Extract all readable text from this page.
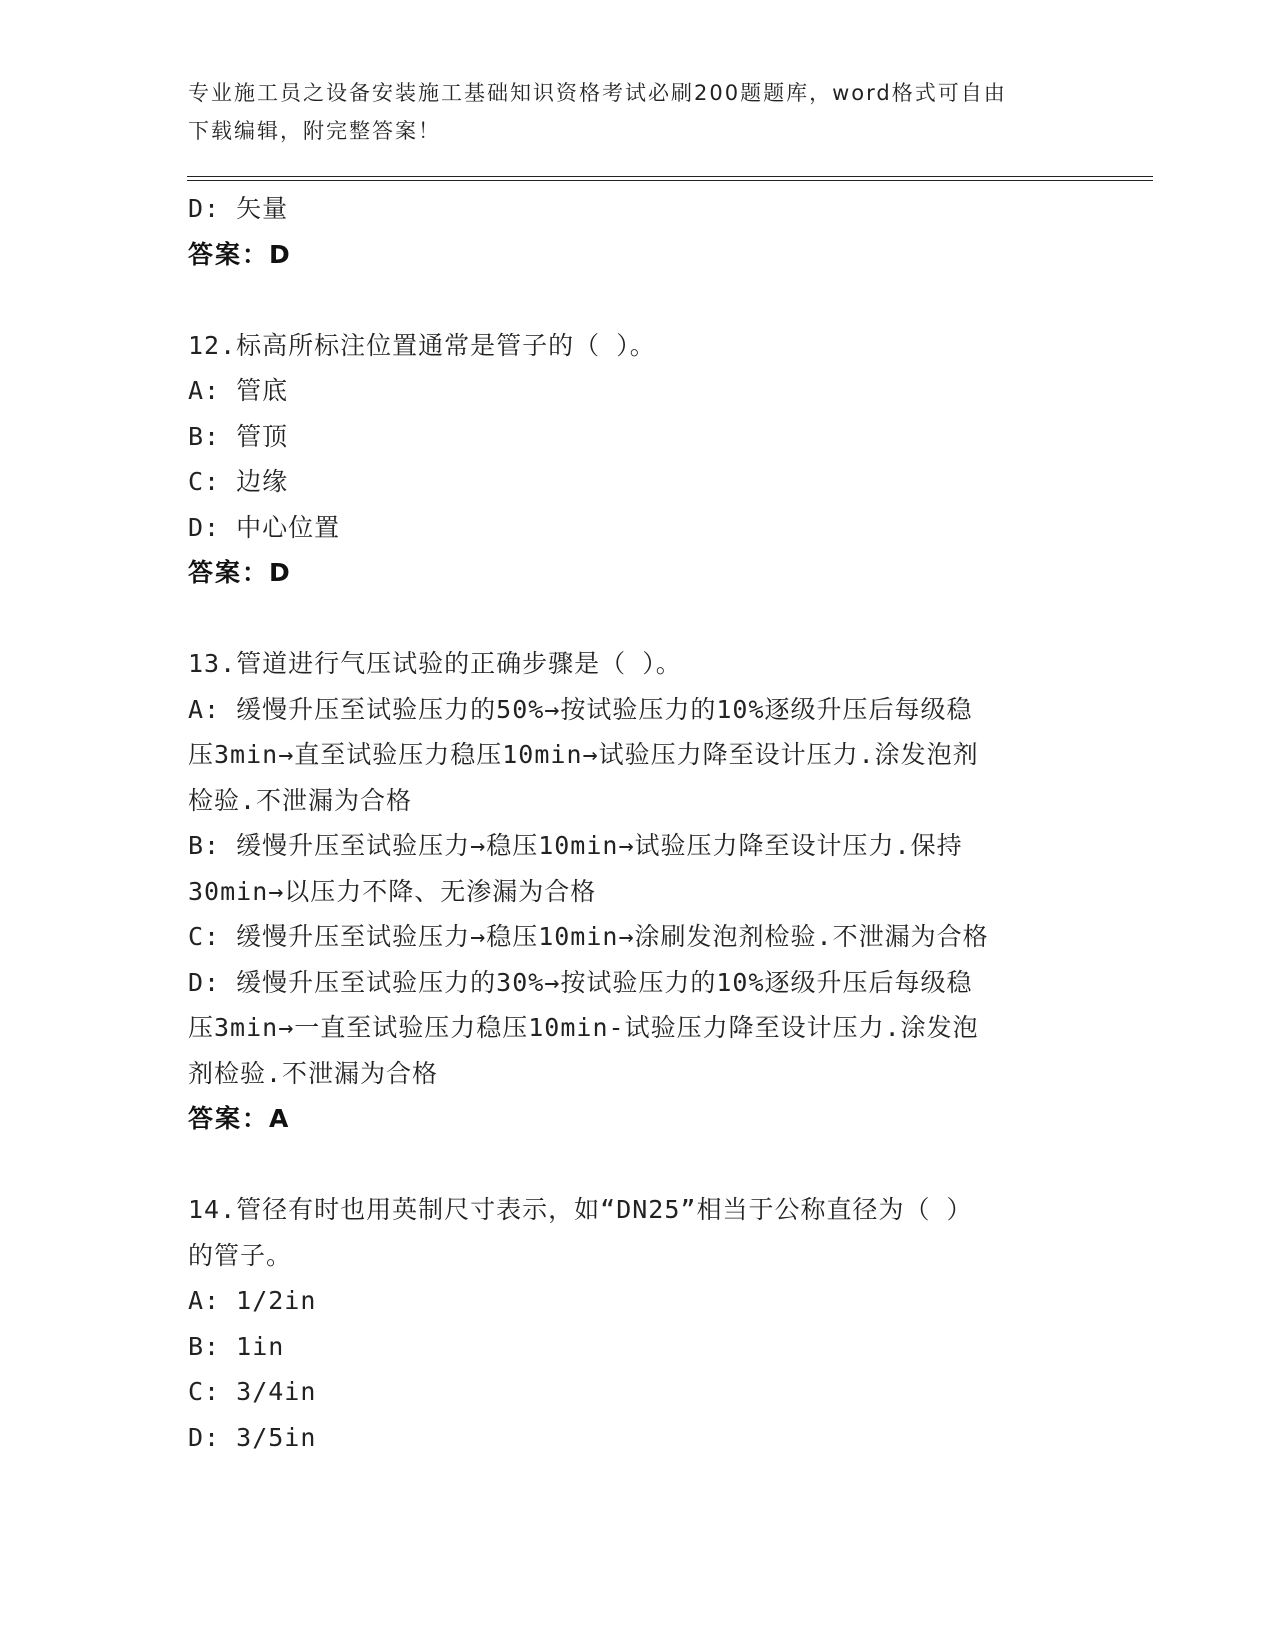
专业施工员之设备安装施工基础知识资格考试必刷200题题库，word格式可自由
下载编辑，附完整答案！
D: 矢量
答案：D
12.标高所标注位置通常是管子的（ ）。
A: 管底
B: 管顶
C: 边缘
D: 中心位置
答案：D
13.管道进行气压试验的正确步骤是（ ）。
A: 缓慢升压至试验压力的50%→按试验压力的10%逐级升压后每级稳
压3min→直至试验压力稳压10min→试验压力降至设计压力.涂发泡剂
检验.不泄漏为合格
B: 缓慢升压至试验压力→稳压10min→试验压力降至设计压力.保持
30min→以压力不降、无渗漏为合格
C: 缓慢升压至试验压力→稳压10min→涂刷发泡剂检验.不泄漏为合格
D: 缓慢升压至试验压力的30%→按试验压力的10%逐级升压后每级稳
压3min→一直至试验压力稳压10min-试验压力降至设计压力.涂发泡
剂检验.不泄漏为合格
答案：A
14.管径有时也用英制尺寸表示，如“DN25”相当于公称直径为（ ）
的管子。
A: 1/2in
B: 1in
C: 3/4in
D: 3/5in
